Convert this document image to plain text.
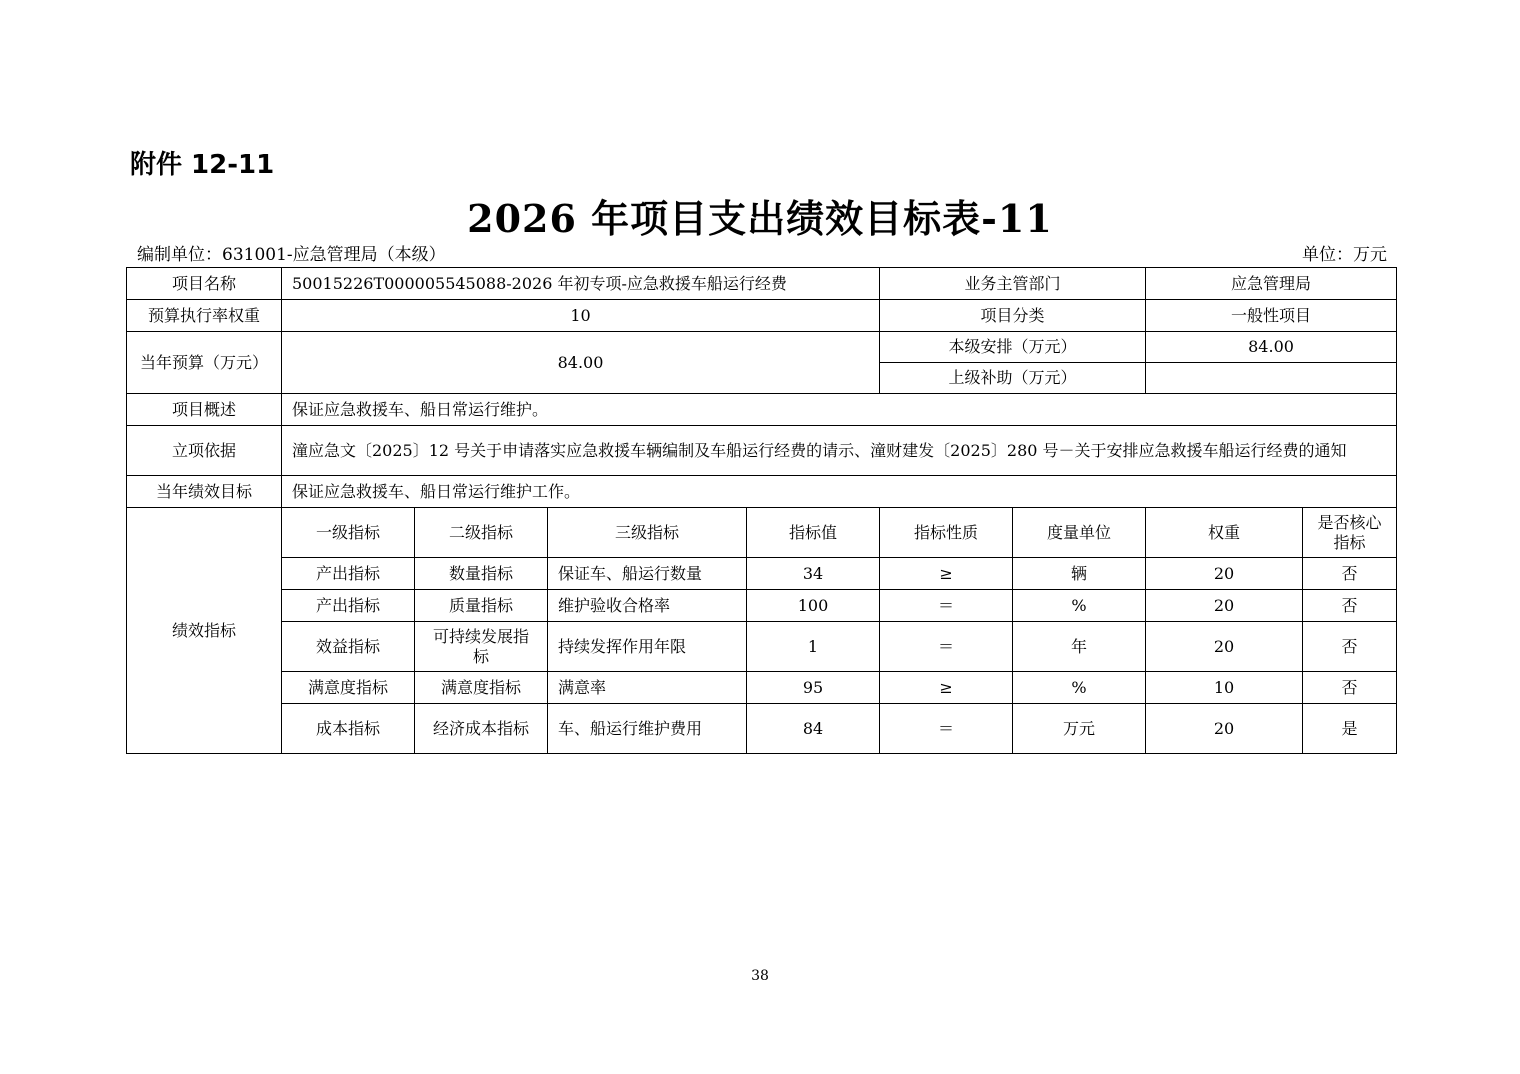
附件 12-11
2026 年项目支出绩效目标表-11
编制单位：631001-应急管理局（本级）	单位：万元
项目名称	50015226T000005545088-2026 年初专项-应急救援车船运行经费				业务主管部门		应急管理局	
预算执行率权重	10				项目分类		一般性项目	
当年预算（万元）	84.00				本级安排（万元）		84.00	
					上级补助（万元）			
项目概述	保证应急救援车、船日常运行维护。							
立项依据	潼应急文〔2025〕12 号关于申请落实应急救援车辆编制及车船运行经费的请示、潼财建发〔2025〕280 号－关于安排应急救援车船运行经费的通知							
当年绩效目标	保证应急救援车、船日常运行维护工作。							
绩效指标	一级指标	二级指标	三级指标	指标值	指标性质	度量单位	权重	是否核心指标
	产出指标	数量指标	保证车、船运行数量	34	≥	辆	20	否
	产出指标	质量指标	维护验收合格率	100	＝	%	20	否
	效益指标	可持续发展指标	持续发挥作用年限	1	＝	年	20	否
	满意度指标	满意度指标	满意率	95	≥	%	10	否
	成本指标	经济成本指标	车、船运行维护费用	84	＝	万元	20	是
38
